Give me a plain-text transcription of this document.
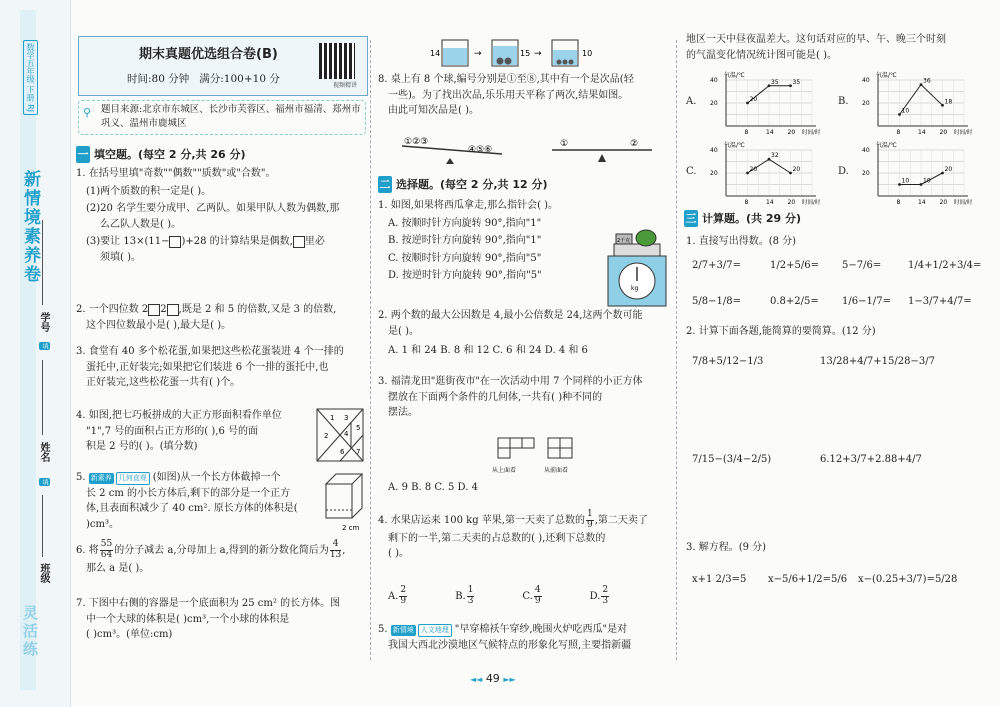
数学五年级 下册 RJ
新情境素养卷
学号
填
姓名
填
班级
灵活练
期末真题优选组合卷(B)
时间:80 分钟 满分:100+10 分
视频精讲
⚲ 题目来源:北京市东城区、长沙市芙蓉区、福州市福清、郑州市巩义、温州市鹿城区
一 填空题。(每空 2 分,共 26 分)
1. 在括号里填"奇数""偶数""质数"或"合数"。
(1)两个质数的积一定是( )。
(2)20 名学生要分成甲、乙两队。如果甲队人数为偶数,那
么乙队人数是( )。
(3)要让 13×(11− )+28 的计算结果是偶数, 里必
须填( )。
2. 一个四位数 2 2 ,既是 2 和 5 的倍数,又是 3 的倍数,
这个四位数最小是( ),最大是( )。
3. 食堂有 40 多个松花蛋,如果把这些松花蛋装进 4 个一排的
蛋托中,正好装完;如果把它们装进 6 个一排的蛋托中,也
正好装完,这些松花蛋一共有( )个。
4. 如图,把七巧板拼成的大正方形面积看作单位
"1",7 号的面积占正方形的( ),6 号的面
积是 2 号的( )。(填分数)
1
2
3
4
5
6 7
5. 新素养 几何直观 (如图)从一个长方体截掉一个
长 2 cm 的小长方体后,剩下的部分是一个正方
体,且表面积减少了 40 cm². 原长方体的体积是( )cm³。	2 cm
6. 将 $\frac{55}{64}$ 的分子减去 a,分母加上 a,得到的新分数化简后为 $\frac{4}{13}$ ,
那么 a 是( )。
7. 下图中右侧的容器是一个底面积为 25 cm² 的长方体。图
中一个大球的体积是( )cm³,一个小球的体积是
( )cm³。(单位:cm)
14	→	15 →	10
8. 桌上有 8 个球,编号分别是①至⑧,其中有一个是次品(轻
一些)。为了找出次品,乐乐用天平称了两次,结果如图。
由此可知次品是( )。
①②③
④⑤⑥
①	②
二 选择题。(每空 2 分,共 12 分)
1. 如图,如果将西瓜拿走,那么指针会( )。
A. 按顺时针方向旋转 90°,指向"1"
B. 按逆时针方向旋转 90°,指向"1"
C. 按顺时针方向旋转 90°,指向"5"
D. 按逆时针方向旋转 90°,指向"5"
kg
2千克
2. 两个数的最大公因数是 4,最小公倍数是 24,这两个数可能
是( )。
A. 1 和 24 B. 8 和 12 C. 6 和 24 D. 4 和 6
3. 福清龙田"逛街夜市"在一次活动中用 7 个同样的小正方体
摆放在下面两个条件的几何体,一共有( )种不同的
摆法。
从上面看	从前面看
A. 9 B. 8 C. 5 D. 4
4. 水果店运来 100 kg 苹果,第一天卖了总数的 $\frac{1}{9}$ ,第二天卖了
剩下的一半,第二天卖的占总数的( ),还剩下总数的
( )。
A. $\frac{2}{9}$	B. $\frac{1}{3}$	C. $\frac{4}{9}$	D. $\frac{2}{3}$
5. 新情境 人文地理 "早穿棉袄午穿纱,晚围火炉吃西瓜"是对
我国大西北沙漠地区气候特点的形象化写照,主要指新疆
地区一天中昼夜温差大。这句话对应的早、午、晚三个时刻
的气温变化情况统计图可能是( )。
A.
气温/℃
20
40
8	14 20 时间/时
20
35 35
B.
气温/℃
20
40
8	14 20 时间/时
10
36
18
C.
气温/℃
20
40
8	14 20 时间/时
20
32
20	D.
气温/℃
20
40
8	14 20 时间/时
10 10
20
三 计算题。(共 29 分)
1. 直接写出得数。(8 分)
2/7+3/7=	1/2+5/6= 5−7/6=	1/4+1/2+3/4=
5/8−1/8=	0.8+2/5= 1/6−1/7= 1−3/7+4/7=
2. 计算下面各题,能简算的要简算。(12 分)
7/8+5/12−1/3	13/28+4/7+15/28−3/7
7/15−(3/4−2/5)	6.12+3/7+2.88+4/7
3. 解方程。(9 分)
x+1 2/3=5 x−5/6+1/2=5/6 x−(0.25+3/7)=5/28
◄◄ 49 ►►
